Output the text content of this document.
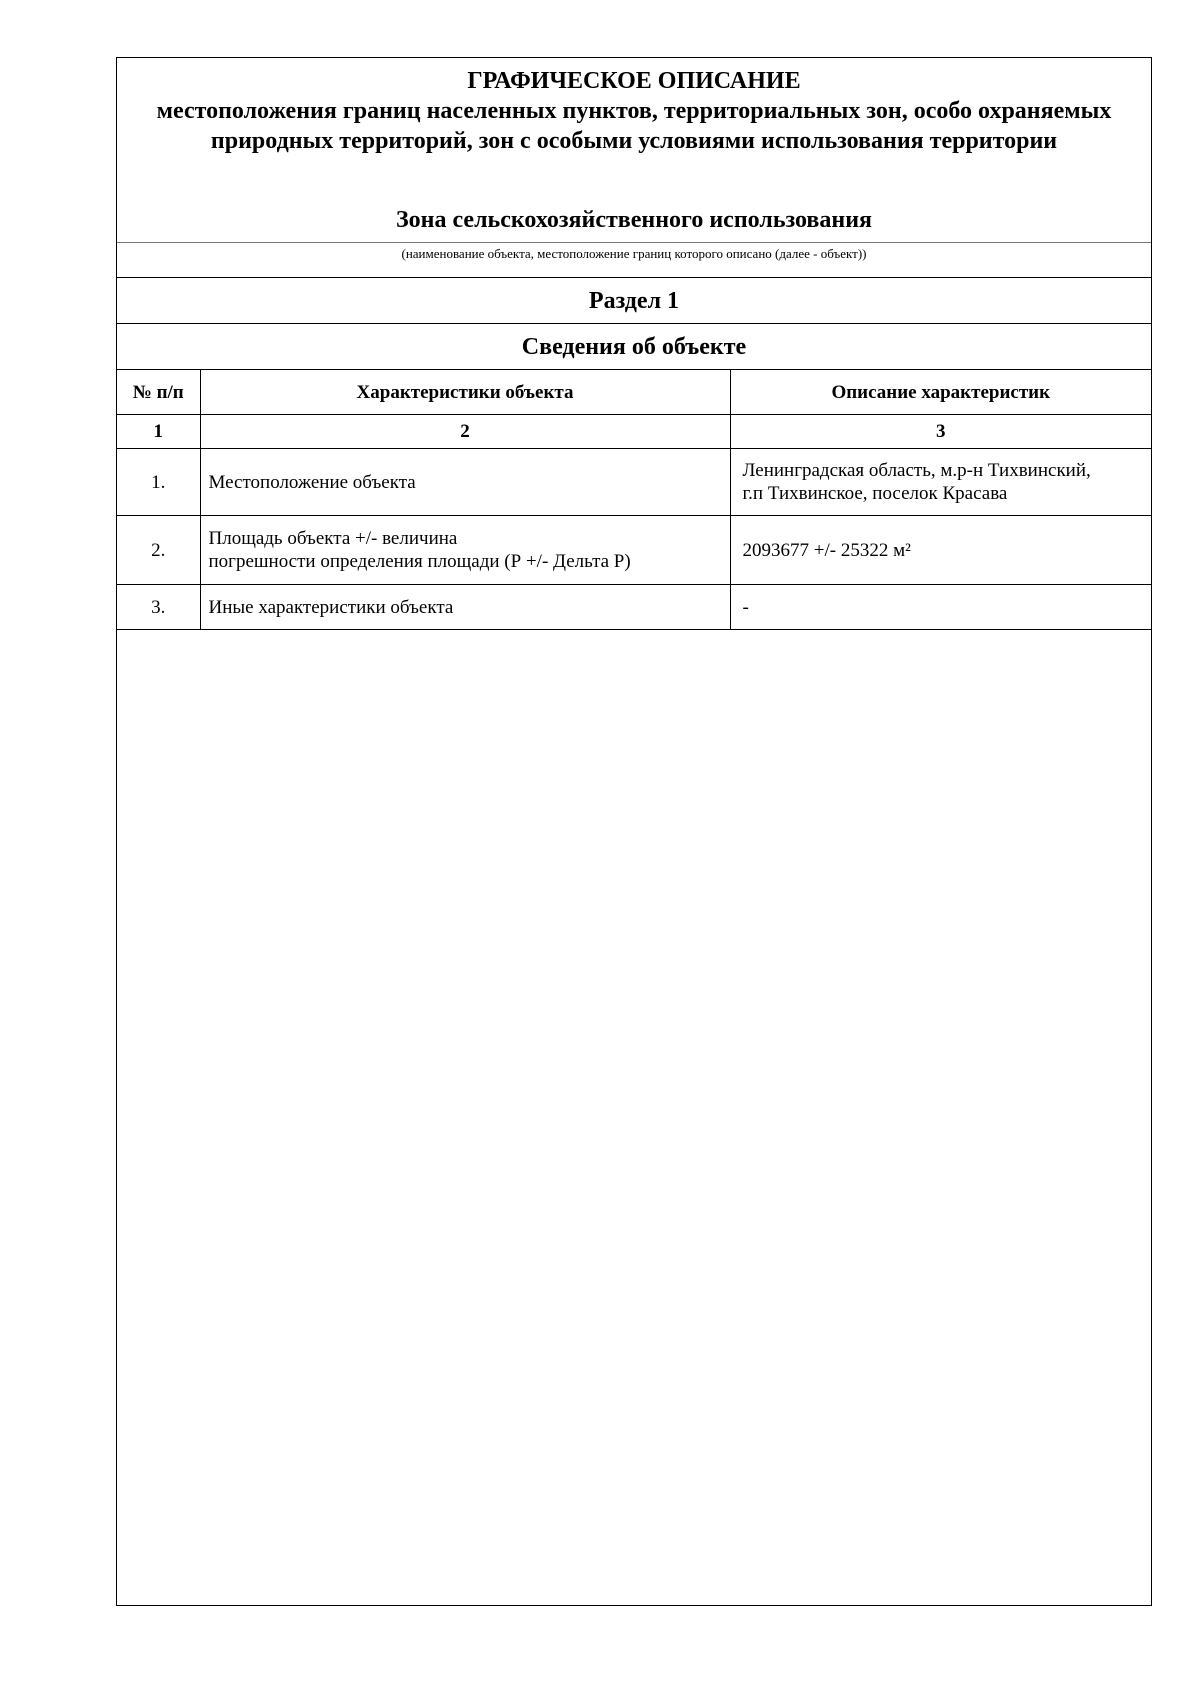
ГРАФИЧЕСКОЕ ОПИСАНИЕ
местоположения границ населенных пунктов, территориальных зон, особо охраняемых природных территорий, зон с особыми условиями использования территории
Зона сельскохозяйственного использования
(наименование объекта, местоположение границ которого описано (далее - объект))
Раздел 1
Сведения об объекте
№ п/п	Характеристики объекта	Описание характеристик
1	2	3
1.	Местоположение объекта	Ленинградская область, м.р-н Тихвинский,
г.п Тихвинское, поселок Красава

2.	Площадь объекта +/- величина
погрешности определения площади (Р +/- Дельта Р)	2093677 +/- 25322 м²
3.	Иные характеристики объекта	-
